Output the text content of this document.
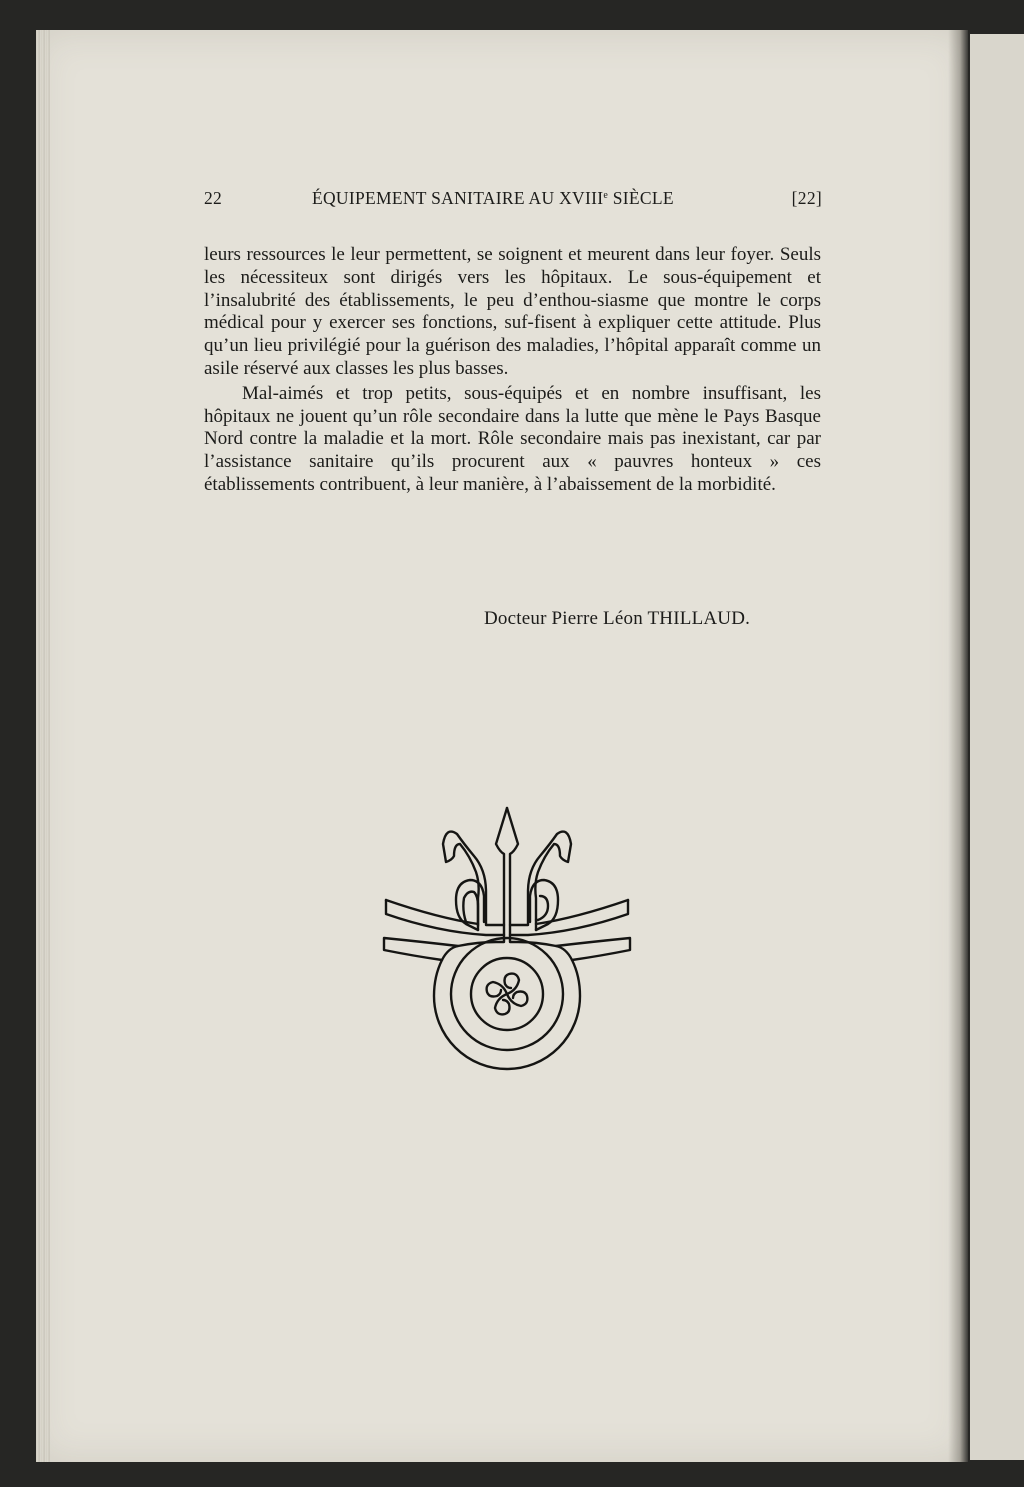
22	ÉQUIPEMENT SANITAIRE AU XVIIIe SIÈCLE	[22]

leurs ressources le leur permettent, se soignent et meurent dans leur foyer. Seuls les nécessiteux sont dirigés vers les hôpitaux. Le sous-équipement et l’insalubrité des établissements, le peu d’enthou-siasme que montre le corps médical pour y exercer ses fonctions, suf-fisent à expliquer cette attitude. Plus qu’un lieu privilégié pour la guérison des maladies, l’hôpital apparaît comme un asile réservé aux classes les plus basses.

Mal-aimés et trop petits, sous-équipés et en nombre insuffisant, les hôpitaux ne jouent qu’un rôle secondaire dans la lutte que mène le Pays Basque Nord contre la maladie et la mort. Rôle secondaire mais pas inexistant, car par l’assistance sanitaire qu’ils procurent aux « pauvres honteux » ces établissements contribuent, à leur manière, à l’abaissement de la morbidité.

Docteur Pierre Léon THILLAUD.
